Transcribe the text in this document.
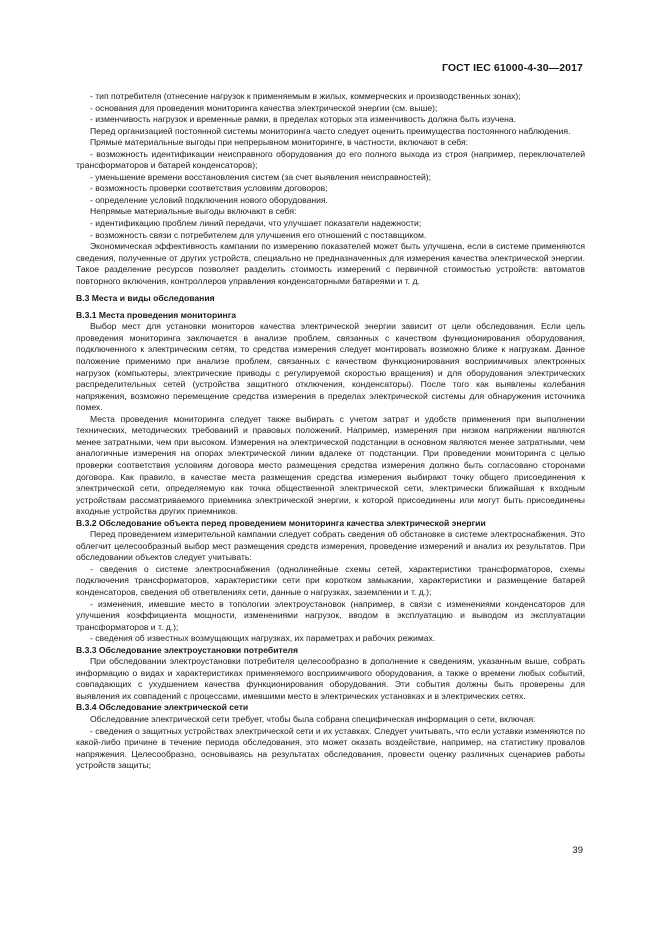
ГОСТ IEC 61000-4-30—2017

- тип потребителя (отнесение нагрузок к применяемым в жилых, коммерческих и производственных зонах);

- основания для проведения мониторинга качества электрической энергии (см. выше);

- изменчивость нагрузок и временные рамки, в пределах которых эта изменчивость должна быть изучена.

Перед организацией постоянной системы мониторинга часто следует оценить преимущества постоянного наблюдения.

Прямые материальные выгоды при непрерывном мониторинге, в частности, включают в себя:

- возможность идентификации неисправного оборудования до его полного выхода из строя (например, переключателей трансформаторов и батарей конденсаторов);

- уменьшение времени восстановления систем (за счет выявления неисправностей);

- возможность проверки соответствия условиям договоров;

- определение условий подключения нового оборудования.

Непрямые материальные выгоды включают в себя:

- идентификацию проблем линий передачи, что улучшает показатели надежности;

- возможность связи с потребителем для улучшения его отношений с поставщиком.

Экономическая эффективность кампании по измерению показателей может быть улучшена, если в системе применяются сведения, полученные от других устройств, специально не предназначенных для измерения качества электрической энергии. Такое разделение ресурсов позволяет разделить стоимость измерений с первичной стоимостью устройств: автоматов повторного включения, контроллеров управления конденсаторными батареями и т. д.

В.3 Места и виды обследования

В.3.1 Места проведения мониторинга

Выбор мест для установки мониторов качества электрической энергии зависит от цели обследования. Если цель проведения мониторинга заключается в анализе проблем, связанных с качеством функционирования оборудования, подключенного к электрическим сетям, то средства измерения следует монтировать возможно ближе к нагрузкам. Данное положение применимо при анализе проблем, связанных с качеством функционирования восприимчивых электронных нагрузок (компьютеры, электрические приводы с регулируемой скоростью вращения) и для оборудования электрических распределительных сетей (устройства защитного отключения, конденсаторы). После того как выявлены колебания напряжения, возможно перемещение средства измерения в пределах электрической системы для обнаружения источника помех.

Места проведения мониторинга следует также выбирать с учетом затрат и удобств применения при выполнении технических, методических требований и правовых положений. Например, измерения при низком напряжении являются менее затратными, чем при высоком. Измерения на электрической подстанции в основном являются менее затратными, чем аналогичные измерения на опорах электрической линии вдалеке от подстанции. При проведении мониторинга с целью проверки соответствия условиям договора место размещения средства измерения должно быть согласовано сторонами договора. Как правило, в качестве места размещения средства измерения выбирают точку общего присоединения к электрической сети, определяемую как точка общественной электрической сети, электрически ближайшая к входным устройствам рассматриваемого приемника электрической энергии, к которой присоединены или могут быть присоединены входные устройства других приемников.

В.3.2 Обследование объекта перед проведением мониторинга качества электрической энергии

Перед проведением измерительной кампании следует собрать сведения об обстановке в системе электроснабжения. Это облегчит целесообразный выбор мест размещения средств измерения, проведение измерений и анализ их результатов. При обследовании объектов следует учитывать:

- сведения о системе электроснабжения (однолинейные схемы сетей, характеристики трансформаторов, схемы подключения трансформаторов, характеристики сети при коротком замыкании, характеристики и размещение батарей конденсаторов, сведения об ответвлениях сети, данные о нагрузках, заземлении и т. д.);

- изменения, имевшие место в топологии электроустановок (например, в связи с изменениями конденсаторов для улучшения коэффициента мощности, изменениями нагрузок, вводом в эксплуатацию и выводом из эксплуатации трансформаторов и т. д.);

- сведения об известных возмущающих нагрузках, их параметрах и рабочих режимах.

В.3.3 Обследование электроустановки потребителя

При обследовании электроустановки потребителя целесообразно в дополнение к сведениям, указанным выше, собрать информацию о видах и характеристиках применяемого восприимчивого оборудования, а также о времени любых событий, совпадающих с ухудшением качества функционирования оборудования. Эти события должны быть проверены для выявления их совпадений с процессами, имевшими место в электрических установках и в электрических сетях.

В.3.4 Обследование электрической сети

Обследование электрической сети требует, чтобы была собрана специфическая информация о сети, включая:

- сведения о защитных устройствах электрической сети и их уставках. Следует учитывать, что если уставки изменяются по какой-либо причине в течение периода обследования, это может оказать воздействие, например, на статистику провалов напряжения. Целесообразно, основываясь на результатах обследования, провести оценку различных сценариев работы устройств защиты;

39
